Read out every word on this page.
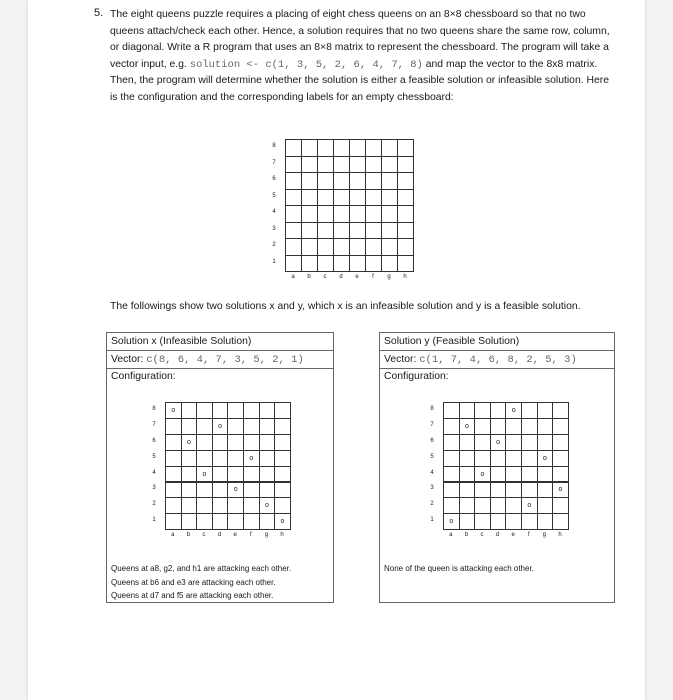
5. The eight queens puzzle requires a placing of eight chess queens on an 8×8 chessboard so that no two queens attach/check each other. Hence, a solution requires that no two queens share the same row, column, or diagonal. Write a R program that uses an 8×8 matrix to represent the chessboard. The program will take a vector input, e.g. solution <- c(1, 3, 5, 2, 6, 4, 7, 8) and map the vector to the 8x8 matrix. Then, the program will determine whether the solution is either a feasible solution or infeasible solution. Here is the configuration and the corresponding labels for an empty chessboard:
8
7
6
5
4
3
2
1
a	b	c	d	e	f	g	h
The followings show two solutions x and y, which x is an infeasible solution and y is a feasible solution.
Solution x (Infeasible Solution)
Vector: c(8, 6, 4, 7, 3, 5, 2, 1)
Configuration:
8
7
6
5
4
3
2
1
a	b	c	d	e	f	g	h
o
o
o
o
o
o
o
o
Queens at a8, g2, and h1 are attacking each other.
Queens at b6 and e3 are attacking each other.
Queens at d7 and f5 are attacking each other.
Solution y (Feasible Solution)
Vector: c(1, 7, 4, 6, 8, 2, 5, 3)
Configuration:
8
7
6
5
4
3
2
1
a	b	c	d	e	f	g	h
o
o
o
o
o
o
o
o
None of the queen is attacking each other.
